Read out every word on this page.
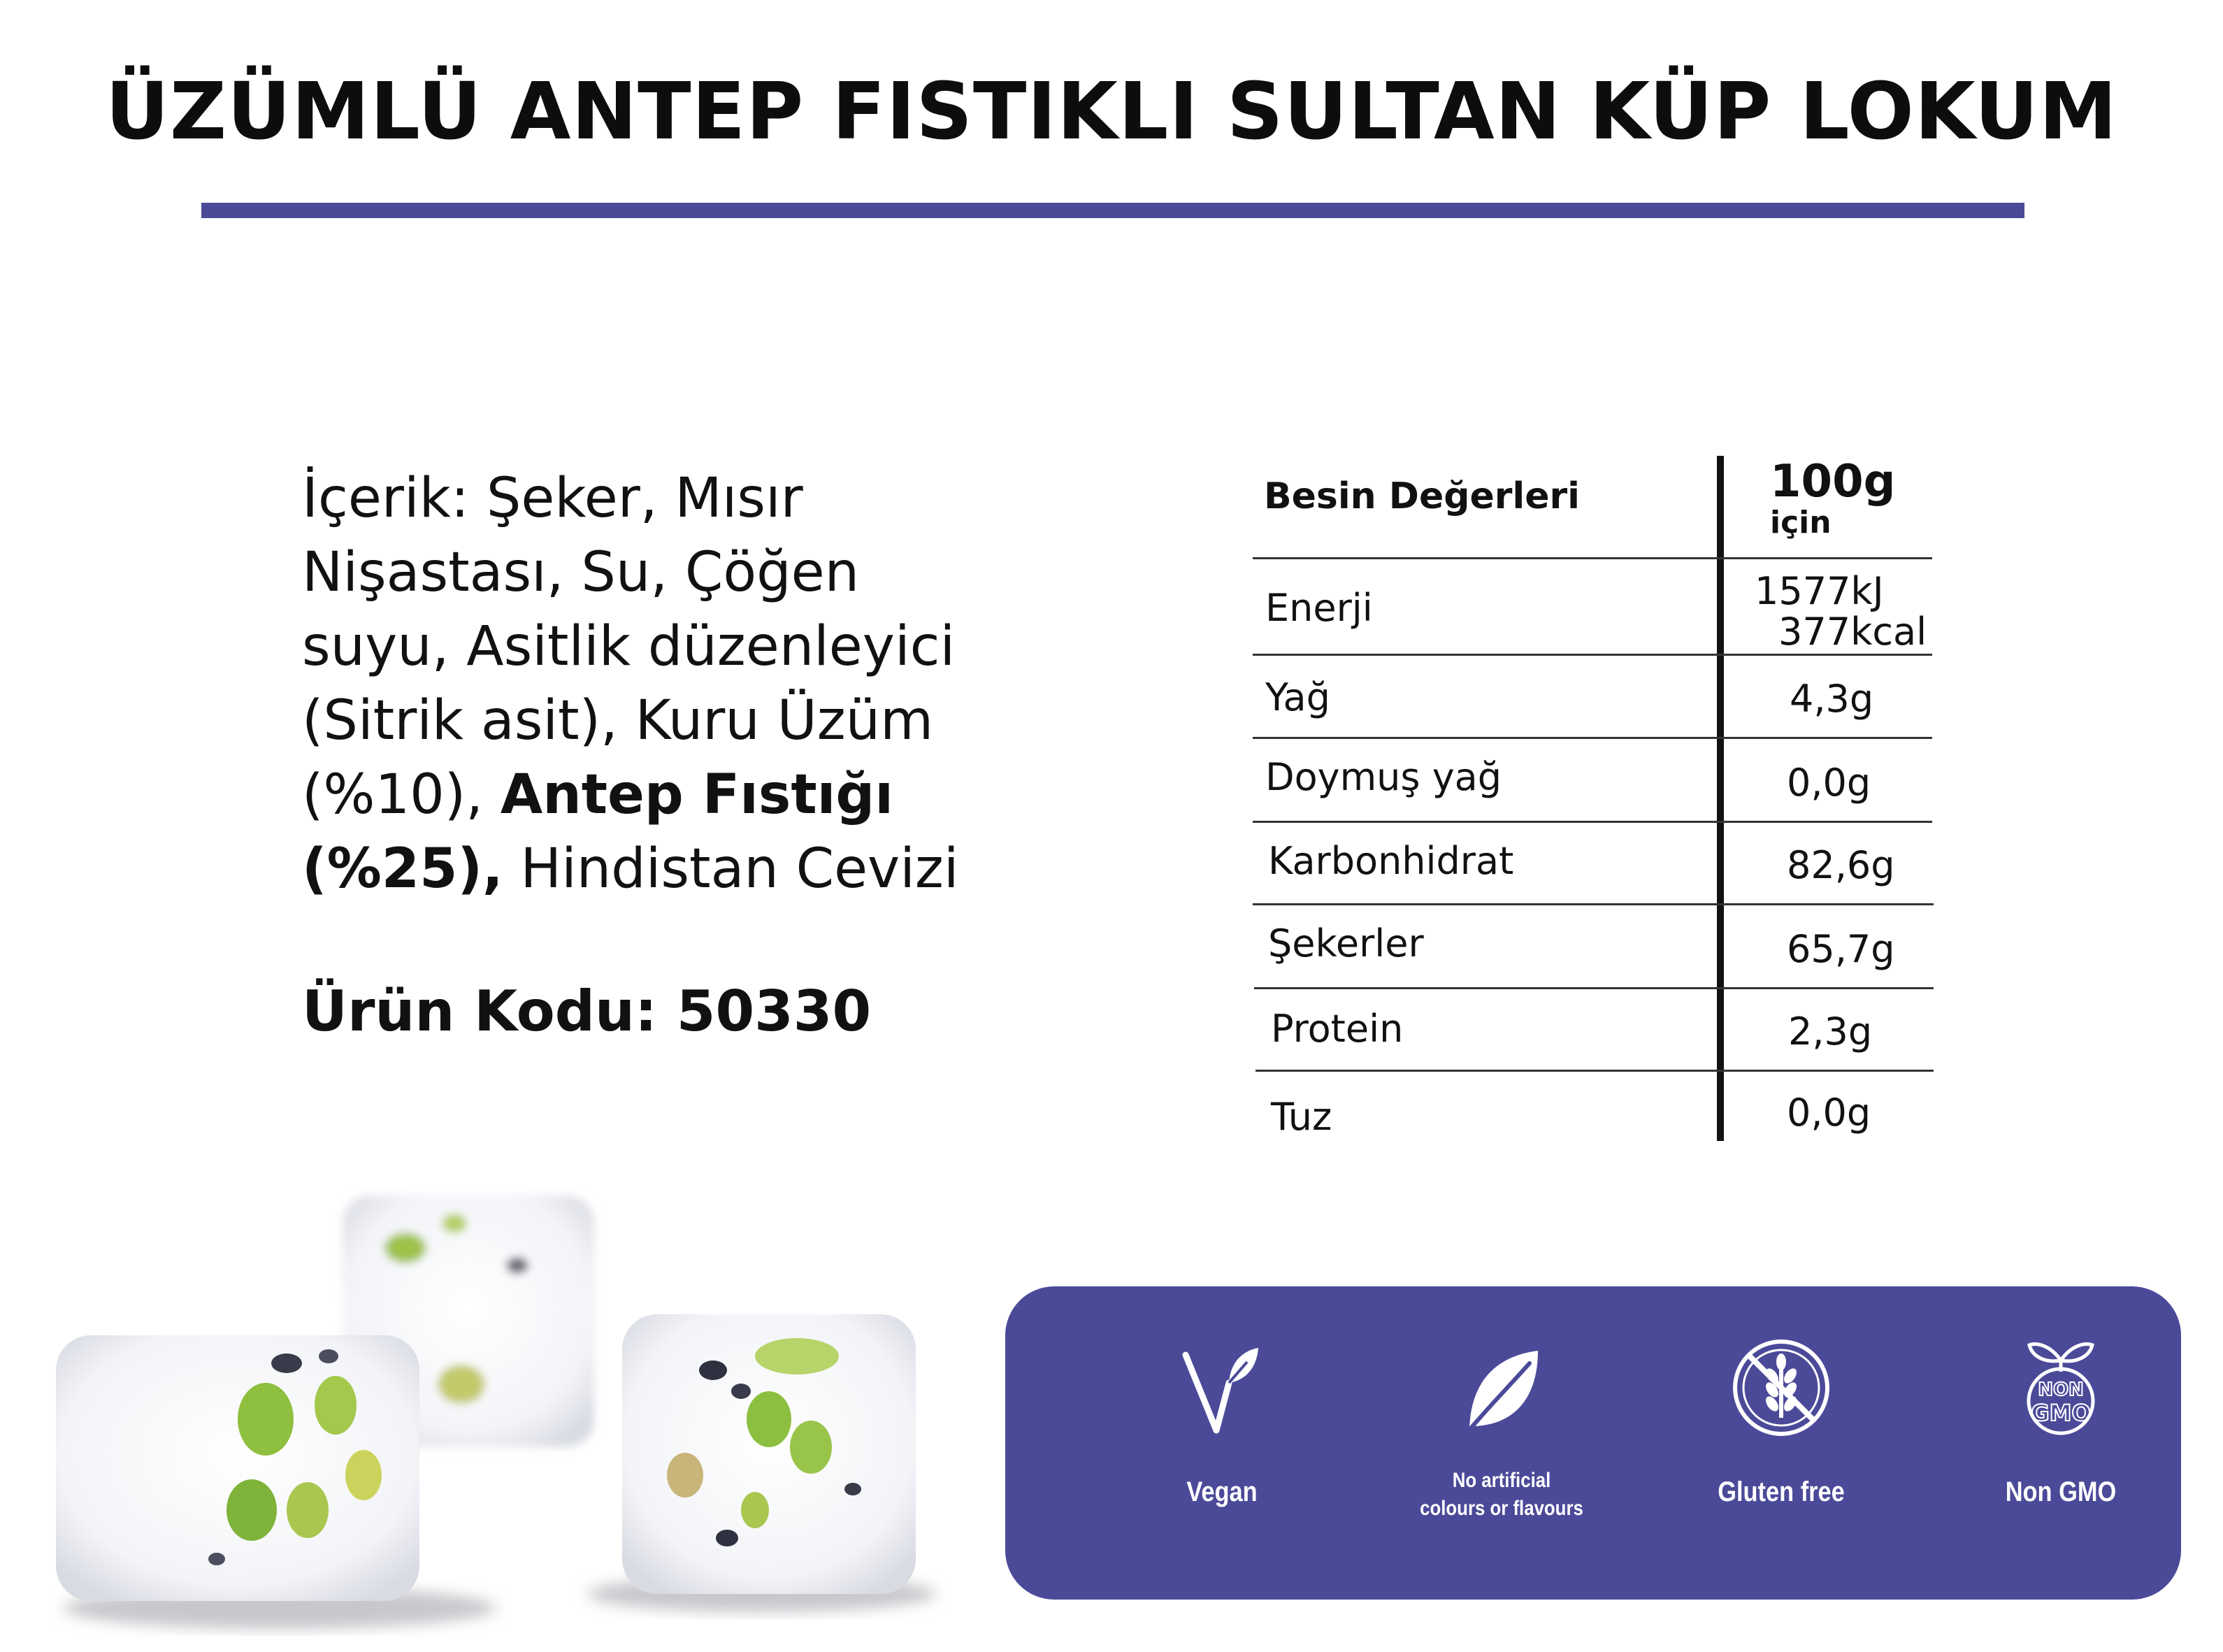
ÜZÜMLÜ ANTEP FISTIKLI SULTAN KÜP LOKUM
İçerik: Şeker, Mısır
Nişastası, Su, Çöğen
suyu, Asitlik düzenleyici
(Sitrik asit), Kuru Üzüm
(%10), Antep Fıstığı
(%25), Hindistan Cevizi
Ürün Kodu: 50330
Besin Değerleri	100g
için
Enerji	1577kJ
377kcal
Yağ	4,3g
Doymuş yağ	0,0g
Karbonhidrat	82,6g
Şekerler	65,7g
Protein	2,3g
Tuz	0,0g
Vegan	No artificial
colours or flavours
Gluten free
NON
GMO
Non GMO
